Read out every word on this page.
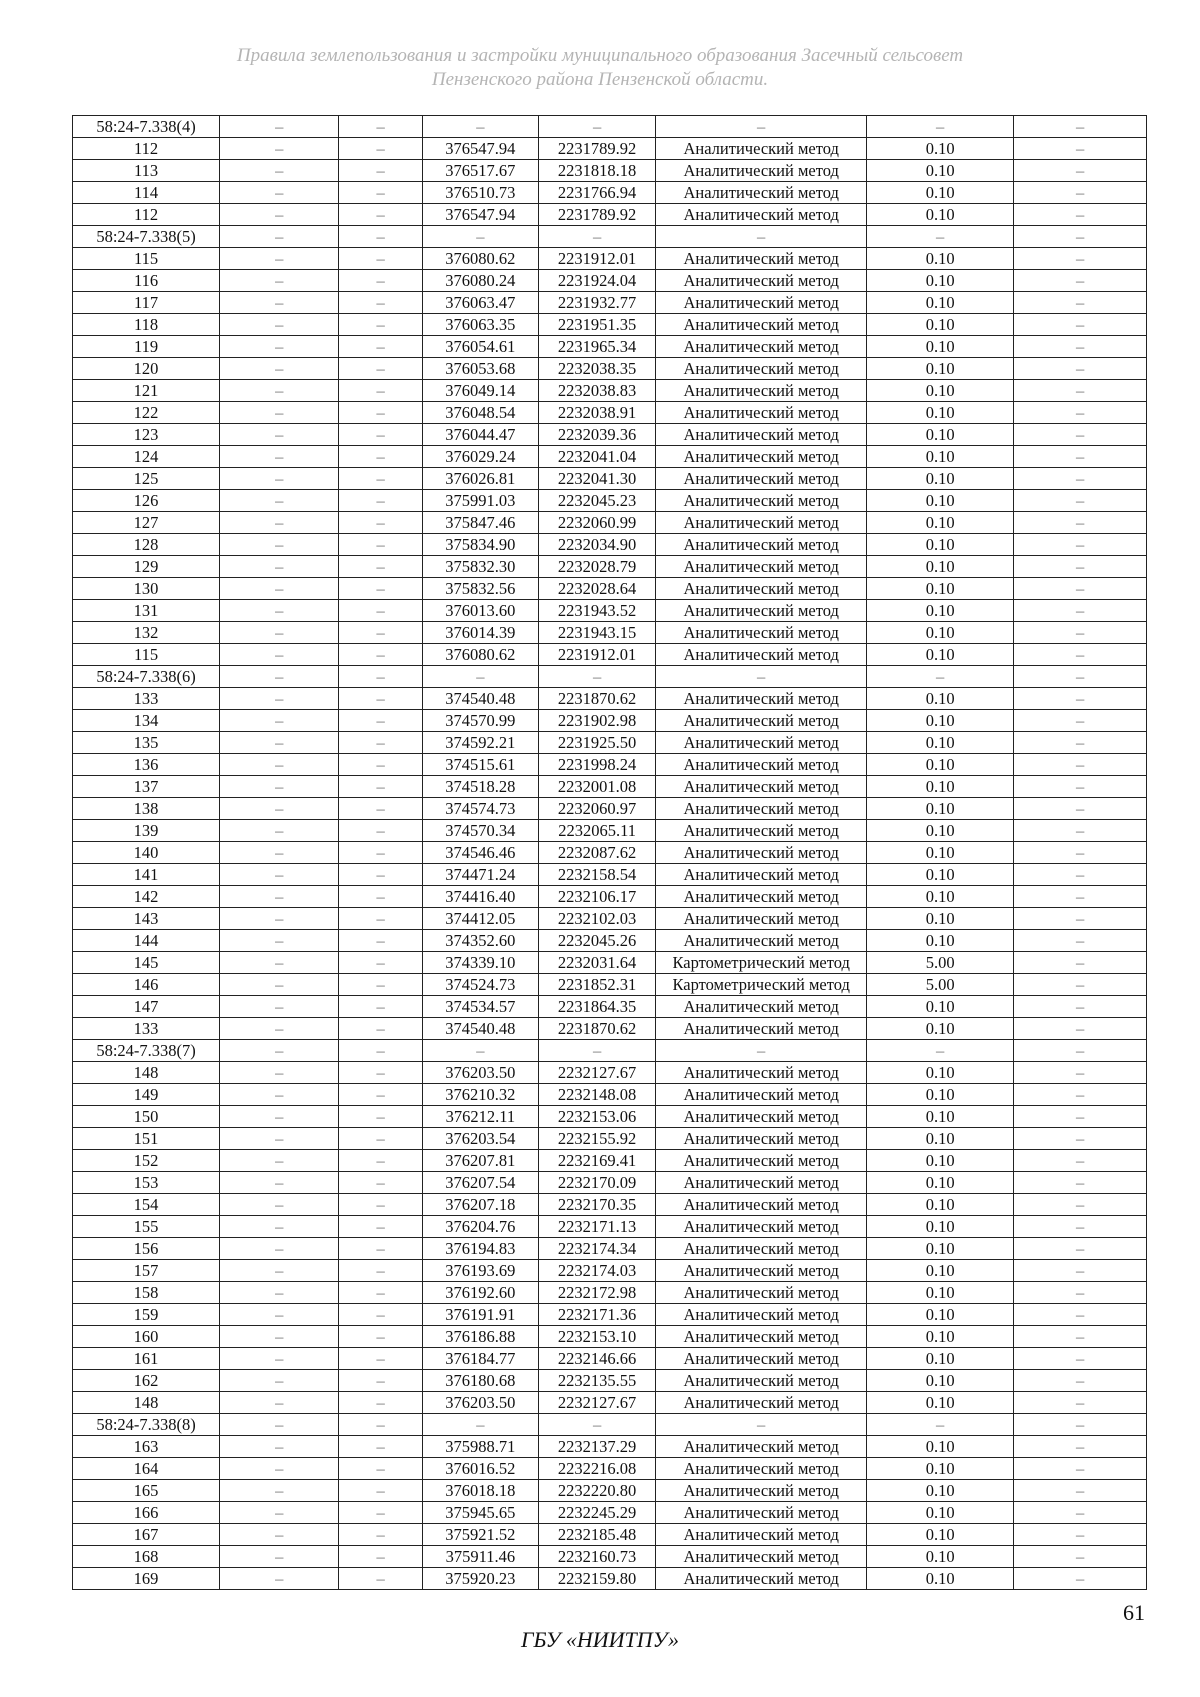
Правила землепользования и застройки муниципального образования Засечный сельсовет
Пензенского района Пензенской области.
58:24-7.338(4)	–	–	–	–	–	–	–
112	–	–	376547.94	2231789.92	Аналитический метод	0.10	–
113	–	–	376517.67	2231818.18	Аналитический метод	0.10	–
114	–	–	376510.73	2231766.94	Аналитический метод	0.10	–
112	–	–	376547.94	2231789.92	Аналитический метод	0.10	–
58:24-7.338(5)	–	–	–	–	–	–	–
115	–	–	376080.62	2231912.01	Аналитический метод	0.10	–
116	–	–	376080.24	2231924.04	Аналитический метод	0.10	–
117	–	–	376063.47	2231932.77	Аналитический метод	0.10	–
118	–	–	376063.35	2231951.35	Аналитический метод	0.10	–
119	–	–	376054.61	2231965.34	Аналитический метод	0.10	–
120	–	–	376053.68	2232038.35	Аналитический метод	0.10	–
121	–	–	376049.14	2232038.83	Аналитический метод	0.10	–
122	–	–	376048.54	2232038.91	Аналитический метод	0.10	–
123	–	–	376044.47	2232039.36	Аналитический метод	0.10	–
124	–	–	376029.24	2232041.04	Аналитический метод	0.10	–
125	–	–	376026.81	2232041.30	Аналитический метод	0.10	–
126	–	–	375991.03	2232045.23	Аналитический метод	0.10	–
127	–	–	375847.46	2232060.99	Аналитический метод	0.10	–
128	–	–	375834.90	2232034.90	Аналитический метод	0.10	–
129	–	–	375832.30	2232028.79	Аналитический метод	0.10	–
130	–	–	375832.56	2232028.64	Аналитический метод	0.10	–
131	–	–	376013.60	2231943.52	Аналитический метод	0.10	–
132	–	–	376014.39	2231943.15	Аналитический метод	0.10	–
115	–	–	376080.62	2231912.01	Аналитический метод	0.10	–
58:24-7.338(6)	–	–	–	–	–	–	–
133	–	–	374540.48	2231870.62	Аналитический метод	0.10	–
134	–	–	374570.99	2231902.98	Аналитический метод	0.10	–
135	–	–	374592.21	2231925.50	Аналитический метод	0.10	–
136	–	–	374515.61	2231998.24	Аналитический метод	0.10	–
137	–	–	374518.28	2232001.08	Аналитический метод	0.10	–
138	–	–	374574.73	2232060.97	Аналитический метод	0.10	–
139	–	–	374570.34	2232065.11	Аналитический метод	0.10	–
140	–	–	374546.46	2232087.62	Аналитический метод	0.10	–
141	–	–	374471.24	2232158.54	Аналитический метод	0.10	–
142	–	–	374416.40	2232106.17	Аналитический метод	0.10	–
143	–	–	374412.05	2232102.03	Аналитический метод	0.10	–
144	–	–	374352.60	2232045.26	Аналитический метод	0.10	–
145	–	–	374339.10	2232031.64	Картометрический метод	5.00	–
146	–	–	374524.73	2231852.31	Картометрический метод	5.00	–
147	–	–	374534.57	2231864.35	Аналитический метод	0.10	–
133	–	–	374540.48	2231870.62	Аналитический метод	0.10	–
58:24-7.338(7)	–	–	–	–	–	–	–
148	–	–	376203.50	2232127.67	Аналитический метод	0.10	–
149	–	–	376210.32	2232148.08	Аналитический метод	0.10	–
150	–	–	376212.11	2232153.06	Аналитический метод	0.10	–
151	–	–	376203.54	2232155.92	Аналитический метод	0.10	–
152	–	–	376207.81	2232169.41	Аналитический метод	0.10	–
153	–	–	376207.54	2232170.09	Аналитический метод	0.10	–
154	–	–	376207.18	2232170.35	Аналитический метод	0.10	–
155	–	–	376204.76	2232171.13	Аналитический метод	0.10	–
156	–	–	376194.83	2232174.34	Аналитический метод	0.10	–
157	–	–	376193.69	2232174.03	Аналитический метод	0.10	–
158	–	–	376192.60	2232172.98	Аналитический метод	0.10	–
159	–	–	376191.91	2232171.36	Аналитический метод	0.10	–
160	–	–	376186.88	2232153.10	Аналитический метод	0.10	–
161	–	–	376184.77	2232146.66	Аналитический метод	0.10	–
162	–	–	376180.68	2232135.55	Аналитический метод	0.10	–
148	–	–	376203.50	2232127.67	Аналитический метод	0.10	–
58:24-7.338(8)	–	–	–	–	–	–	–
163	–	–	375988.71	2232137.29	Аналитический метод	0.10	–
164	–	–	376016.52	2232216.08	Аналитический метод	0.10	–
165	–	–	376018.18	2232220.80	Аналитический метод	0.10	–
166	–	–	375945.65	2232245.29	Аналитический метод	0.10	–
167	–	–	375921.52	2232185.48	Аналитический метод	0.10	–
168	–	–	375911.46	2232160.73	Аналитический метод	0.10	–
169	–	–	375920.23	2232159.80	Аналитический метод	0.10	–
61
ГБУ «НИИТПУ»
